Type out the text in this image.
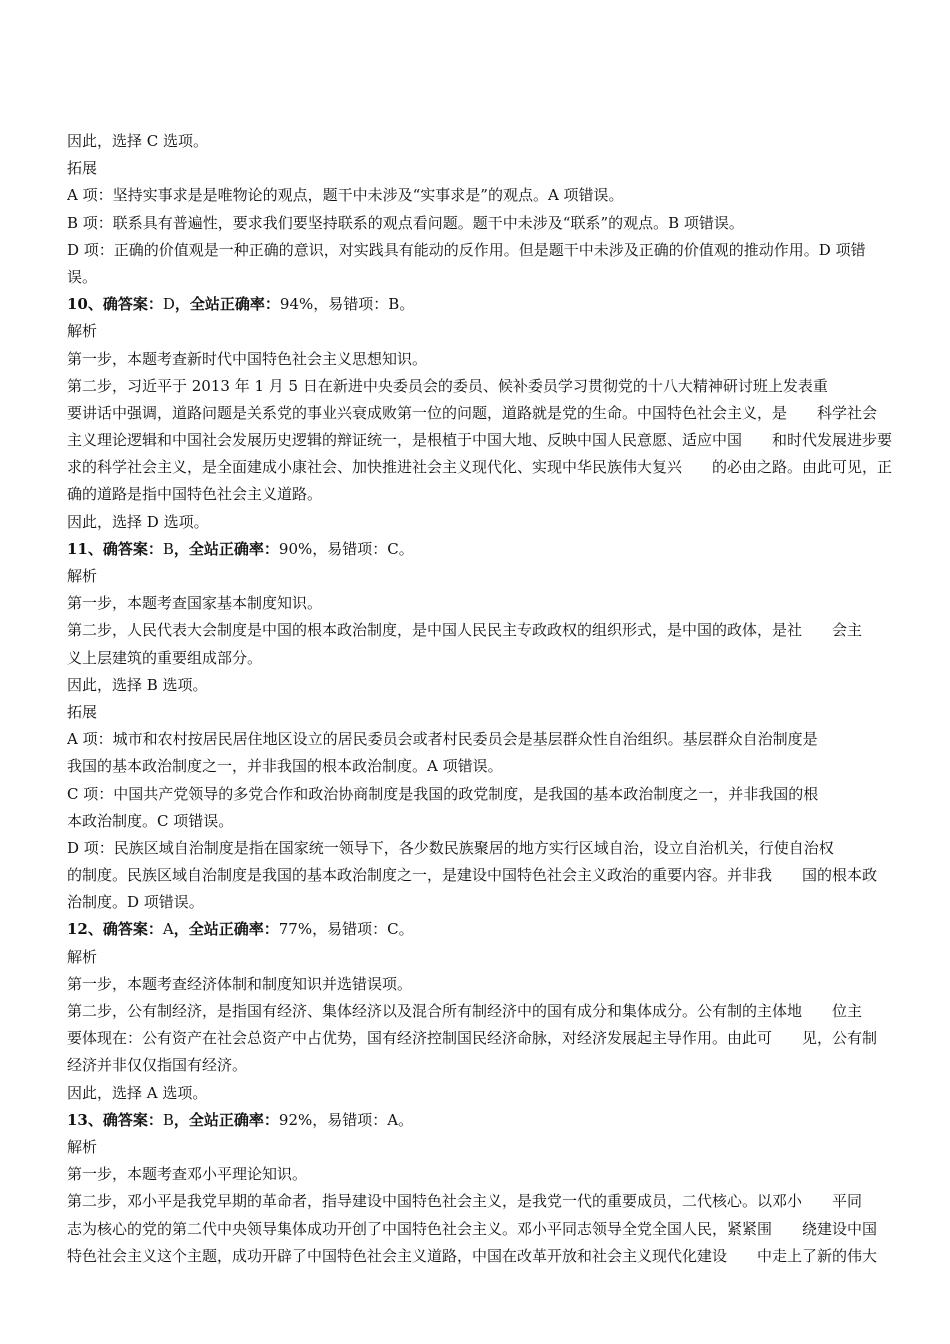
因此，选择 C 选项。

拓展

A 项：坚持实事求是是唯物论的观点，题干中未涉及“实事求是”的观点。A 项错误。

B 项：联系具有普遍性，要求我们要坚持联系的观点看问题。题干中未涉及“联系”的观点。B 项错误。

D 项：正确的价值观是一种正确的意识，对实践具有能动的反作用。但是题干中未涉及正确的价值观的推动作用。D 项错

误。

10、确答案：D，全站正确率：94%，易错项：B。

解析

第一步，本题考查新时代中国特色社会主义思想知识。

第二步，习近平于 2013 年 1 月 5 日在新进中央委员会的委员、候补委员学习贯彻党的十八大精神研讨班上发表重

要讲话中强调，道路问题是关系党的事业兴衰成败第一位的问题，道路就是党的生命。中国特色社会主义，是　　科学社会

主义理论逻辑和中国社会发展历史逻辑的辩证统一，是根植于中国大地、反映中国人民意愿、适应中国　　和时代发展进步要

求的科学社会主义，是全面建成小康社会、加快推进社会主义现代化、实现中华民族伟大复兴　　的必由之路。由此可见，正

确的道路是指中国特色社会主义道路。

因此，选择 D 选项。

11、确答案：B，全站正确率：90%，易错项：C。

解析

第一步，本题考查国家基本制度知识。

第二步，人民代表大会制度是中国的根本政治制度，是中国人民民主专政政权的组织形式，是中国的政体，是社　　会主

义上层建筑的重要组成部分。

因此，选择 B 选项。

拓展

A 项：城市和农村按居民居住地区设立的居民委员会或者村民委员会是基层群众性自治组织。基层群众自治制度是

我国的基本政治制度之一，并非我国的根本政治制度。A 项错误。

C 项：中国共产党领导的多党合作和政治协商制度是我国的政党制度，是我国的基本政治制度之一，并非我国的根

本政治制度。C 项错误。

D 项：民族区域自治制度是指在国家统一领导下，各少数民族聚居的地方实行区域自治，设立自治机关，行使自治权

的制度。民族区域自治制度是我国的基本政治制度之一，是建设中国特色社会主义政治的重要内容。并非我　　国的根本政

治制度。D 项错误。

12、确答案：A，全站正确率：77%，易错项：C。

解析

第一步，本题考查经济体制和制度知识并选错误项。

第二步，公有制经济，是指国有经济、集体经济以及混合所有制经济中的国有成分和集体成分。公有制的主体地　　位主

要体现在：公有资产在社会总资产中占优势，国有经济控制国民经济命脉，对经济发展起主导作用。由此可　　见，公有制

经济并非仅仅指国有经济。

因此，选择 A 选项。

13、确答案：B，全站正确率：92%，易错项：A。

解析

第一步，本题考查邓小平理论知识。

第二步，邓小平是我党早期的革命者，指导建设中国特色社会主义，是我党一代的重要成员，二代核心。以邓小　　平同

志为核心的党的第二代中央领导集体成功开创了中国特色社会主义。邓小平同志领导全党全国人民，紧紧围　　绕建设中国

特色社会主义这个主题，成功开辟了中国特色社会主义道路，中国在改革开放和社会主义现代化建设　　中走上了新的伟大
